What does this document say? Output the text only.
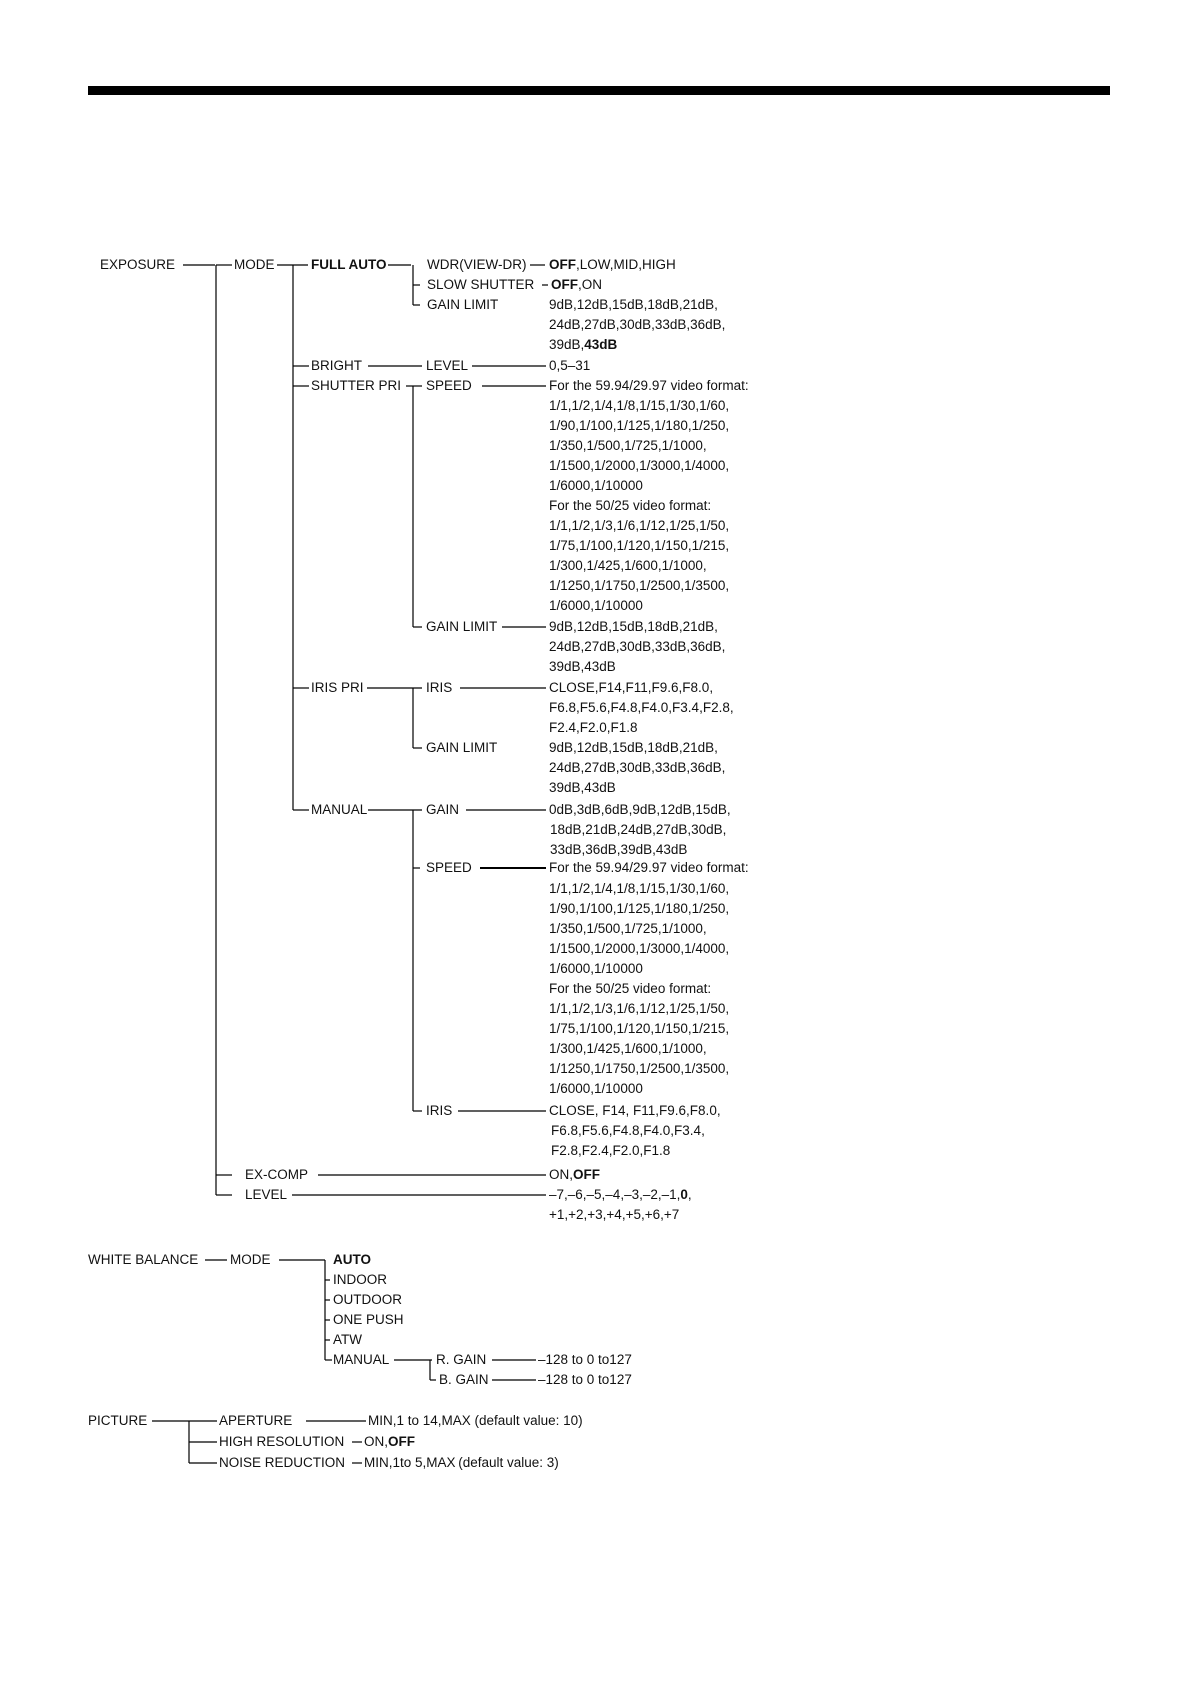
EXPOSURE	MODE	FULL AUTO	WDR(VIEW-DR) OFF,LOW,MID,HIGH
SLOW SHUTTER OFF,ON
GAIN LIMIT	9dB,12dB,15dB,18dB,21dB,
24dB,27dB,30dB,33dB,36dB,
39dB,43dB
BRIGHT	LEVEL	0,5–31
SHUTTER PRI SPEED	For the 59.94/29.97 video format:
1/1,1/2,1/4,1/8,1/15,1/30,1/60,
1/90,1/100,1/125,1/180,1/250,
1/350,1/500,1/725,1/1000,
1/1500,1/2000,1/3000,1/4000,
1/6000,1/10000
For the 50/25 video format:
1/1,1/2,1/3,1/6,1/12,1/25,1/50,
1/75,1/100,1/120,1/150,1/215,
1/300,1/425,1/600,1/1000,
1/1250,1/1750,1/2500,1/3500,
1/6000,1/10000
GAIN LIMIT	9dB,12dB,15dB,18dB,21dB,
24dB,27dB,30dB,33dB,36dB,
39dB,43dB
IRIS PRI	IRIS	CLOSE,F14,F11,F9.6,F8.0,
F6.8,F5.6,F4.8,F4.0,F3.4,F2.8,
F2.4,F2.0,F1.8
GAIN LIMIT	9dB,12dB,15dB,18dB,21dB,
24dB,27dB,30dB,33dB,36dB,
39dB,43dB
MANUAL	GAIN	0dB,3dB,6dB,9dB,12dB,15dB,
18dB,21dB,24dB,27dB,30dB,
33dB,36dB,39dB,43dB
SPEED	For the 59.94/29.97 video format:
1/1,1/2,1/4,1/8,1/15,1/30,1/60,
1/90,1/100,1/125,1/180,1/250,
1/350,1/500,1/725,1/1000,
1/1500,1/2000,1/3000,1/4000,
1/6000,1/10000
For the 50/25 video format:
1/1,1/2,1/3,1/6,1/12,1/25,1/50,
1/75,1/100,1/120,1/150,1/215,
1/300,1/425,1/600,1/1000,
1/1250,1/1750,1/2500,1/3500,
1/6000,1/10000
IRIS	CLOSE, F14, F11,F9.6,F8.0,
F6.8,F5.6,F4.8,F4.0,F3.4,
F2.8,F2.4,F2.0,F1.8
EX-COMP	ON,OFF
LEVEL	–7,–6,–5,–4,–3,–2,–1,0,
+1,+2,+3,+4,+5,+6,+7
WHITE BALANCE MODE	AUTO
INDOOR
OUTDOOR
ONE PUSH
ATW
MANUAL	R. GAIN	–128 to 0 to127
B. GAIN	–128 to 0 to127
PICTURE	APERTURE	MIN,1 to 14,MAX (default value: 10)
HIGH RESOLUTION ON,OFF
NOISE REDUCTION MIN,1to 5,MAX (default value: 3)
